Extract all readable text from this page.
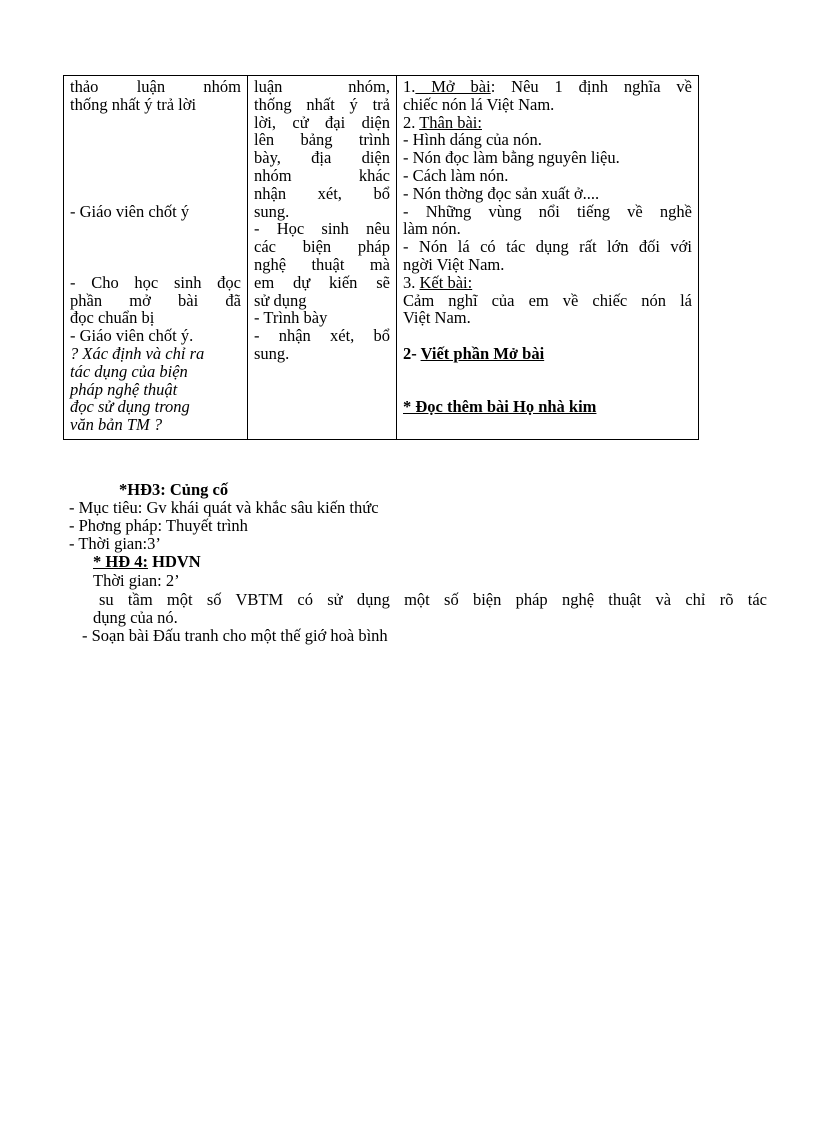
thảo luận nhóm
thống nhất ý trả lời
- Giáo viên chốt ý
- Cho học sinh đọc
phần mở bài đã
đọc chuẩn bị
- Giáo viên chốt ý.
? Xác định và chỉ ra
tác dụng của biện
pháp nghệ thuật
đọc sử dụng trong
văn bản TM ?
luận nhóm,
thống nhất ý trả
lời, cử đại diện
lên bảng trình
bày, địa diện
nhóm khác
nhận xét, bổ
sung.
- Học sinh nêu
các biện pháp
nghệ thuật mà
em dự kiến sẽ
sử dụng
- Trình bày
- nhận xét, bổ
sung.
1. Mở bài: Nêu 1 định nghĩa về
chiếc nón lá Việt Nam.
2. Thân bài:
- Hình dáng của nón.
- Nón đọc làm bằng nguyên liệu.
- Cách làm nón.
- Nón thờng đọc sản xuất ở....
- Những vùng nổi tiếng về nghề
làm nón.
- Nón lá có tác dụng rất lớn đối với
ngời Việt Nam.
3. Kết bài:
Cảm nghĩ của em về chiếc nón lá
Việt Nam.
2- Viết phần Mở bài
* Đọc thêm bài Họ nhà kim
*HĐ3: Củng cố
- Mục tiêu: Gv khái quát và khắc sâu kiến thức
- Phơng pháp: Thuyết trình
- Thời gian:3’
* HĐ 4: HDVN
Thời gian: 2’
su tầm một số VBTM có sử dụng một số biện pháp nghệ thuật và chỉ rõ tác
dụng của nó.
- Soạn bài Đấu tranh cho một thế giớ hoà bình
